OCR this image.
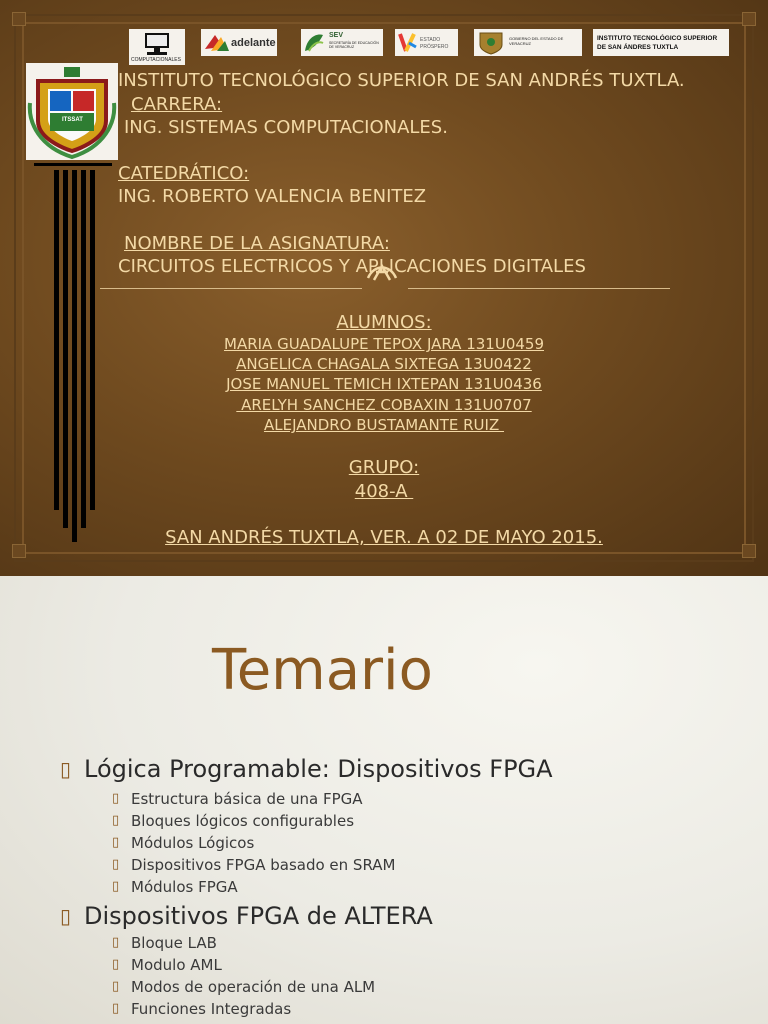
COMPUTACIONALES
adelante
SEV
SECRETARÍA DE EDUCACIÓN DE VERACRUZ
ESTADO
PRÓSPERO
GOBIERNO DEL ESTADO DE VERACRUZ
INSTITUTO TECNOLÓGICO SUPERIOR DE SAN ÁNDRES TUXTLA
ITSSAT
INSTITUTO TECNOLÓGICO SUPERIOR DE SAN ANDRÉS TUXTLA.
CARRERA:
ING. SISTEMAS COMPUTACIONALES.
CATEDRÁTICO:
ING. ROBERTO VALENCIA BENITEZ
NOMBRE DE LA ASIGNATURA:
CIRCUITOS ELECTRICOS Y APLICACIONES DIGITALES
ALUMNOS:
MARIA GUADALUPE TEPOX JARA 131U0459
ANGELICA CHAGALA SIXTEGA 13U0422
JOSE MANUEL TEMICH IXTEPAN 131U0436
ARELYH SANCHEZ COBAXIN 131U0707
ALEJANDRO BUSTAMANTE RUIZ
GRUPO:
408-A
SAN ANDRÉS TUXTLA, VER. A 02 DE MAYO 2015.
Temario
▯ Lógica Programable: Dispositivos FPGA
▯ Estructura básica de una FPGA
▯ Bloques lógicos configurables
▯ Módulos Lógicos
▯ Dispositivos FPGA basado en SRAM
▯ Módulos FPGA
▯ Dispositivos FPGA de ALTERA
▯ Bloque LAB
▯ Modulo AML
▯ Modos de operación de una ALM
▯ Funciones Integradas
